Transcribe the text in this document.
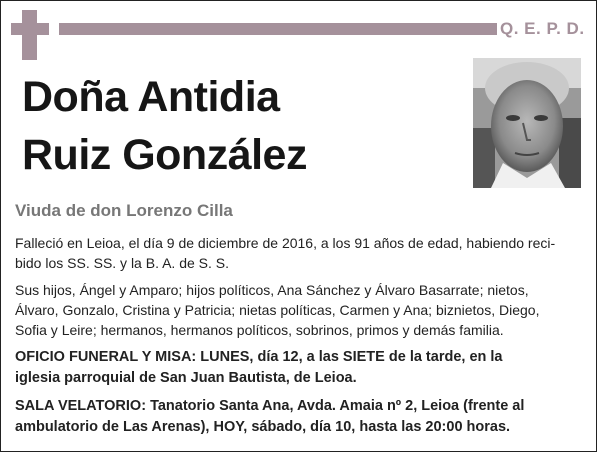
Q. E. P. D.
Doña Antidia
Ruiz González
Viuda de don Lorenzo Cilla
Falleció en Leioa, el día 9 de diciembre de 2016, a los 91 años de edad, habiendo reci-
bido los SS. SS. y la B. A. de S. S.
Sus hijos, Ángel y Amparo; hijos políticos, Ana Sánchez y Álvaro Basarrate; nietos,
Álvaro, Gonzalo, Cristina y Patricia; nietas políticas, Carmen y Ana; biznietos, Diego,
Sofia y Leire; hermanos, hermanos políticos, sobrinos, primos y demás familia.
OFICIO FUNERAL Y MISA: LUNES, día 12, a las SIETE de la tarde, en la
iglesia parroquial de San Juan Bautista, de Leioa.
SALA VELATORIO: Tanatorio Santa Ana, Avda. Amaia nº 2, Leioa (frente al
ambulatorio de Las Arenas), HOY, sábado, día 10, hasta las 20:00 horas.
